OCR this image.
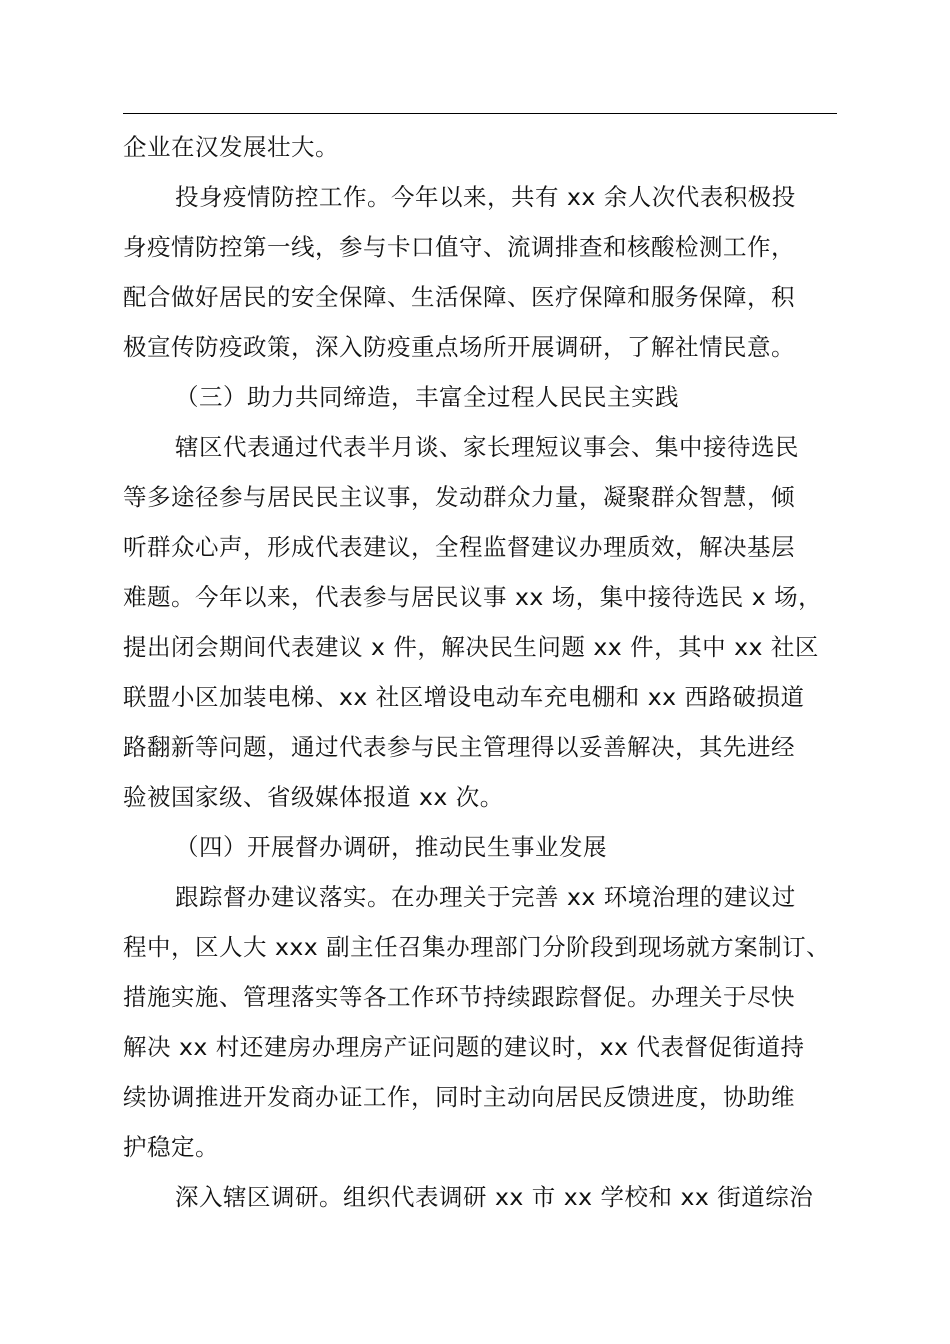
企业在汉发展壮大。
投身疫情防控工作。今年以来，共有 xx 余人次代表积极投
身疫情防控第一线，参与卡口值守、流调排查和核酸检测工作，
配合做好居民的安全保障、生活保障、医疗保障和服务保障，积
极宣传防疫政策，深入防疫重点场所开展调研，了解社情民意。
（三）助力共同缔造，丰富全过程人民民主实践
辖区代表通过代表半月谈、家长理短议事会、集中接待选民
等多途径参与居民民主议事，发动群众力量，凝聚群众智慧，倾
听群众心声，形成代表建议，全程监督建议办理质效，解决基层
难题。今年以来，代表参与居民议事 xx 场，集中接待选民 x 场，
提出闭会期间代表建议 x 件，解决民生问题 xx 件，其中 xx 社区
联盟小区加装电梯、xx 社区增设电动车充电棚和 xx 西路破损道
路翻新等问题，通过代表参与民主管理得以妥善解决，其先进经
验被国家级、省级媒体报道 xx 次。
（四）开展督办调研，推动民生事业发展
跟踪督办建议落实。在办理关于完善 xx 环境治理的建议过
程中，区人大 xxx 副主任召集办理部门分阶段到现场就方案制订、
措施实施、管理落实等各工作环节持续跟踪督促。办理关于尽快
解决 xx 村还建房办理房产证问题的建议时，xx 代表督促街道持
续协调推进开发商办证工作，同时主动向居民反馈进度，协助维
护稳定。
深入辖区调研。组织代表调研 xx 市 xx 学校和 xx 街道综治
